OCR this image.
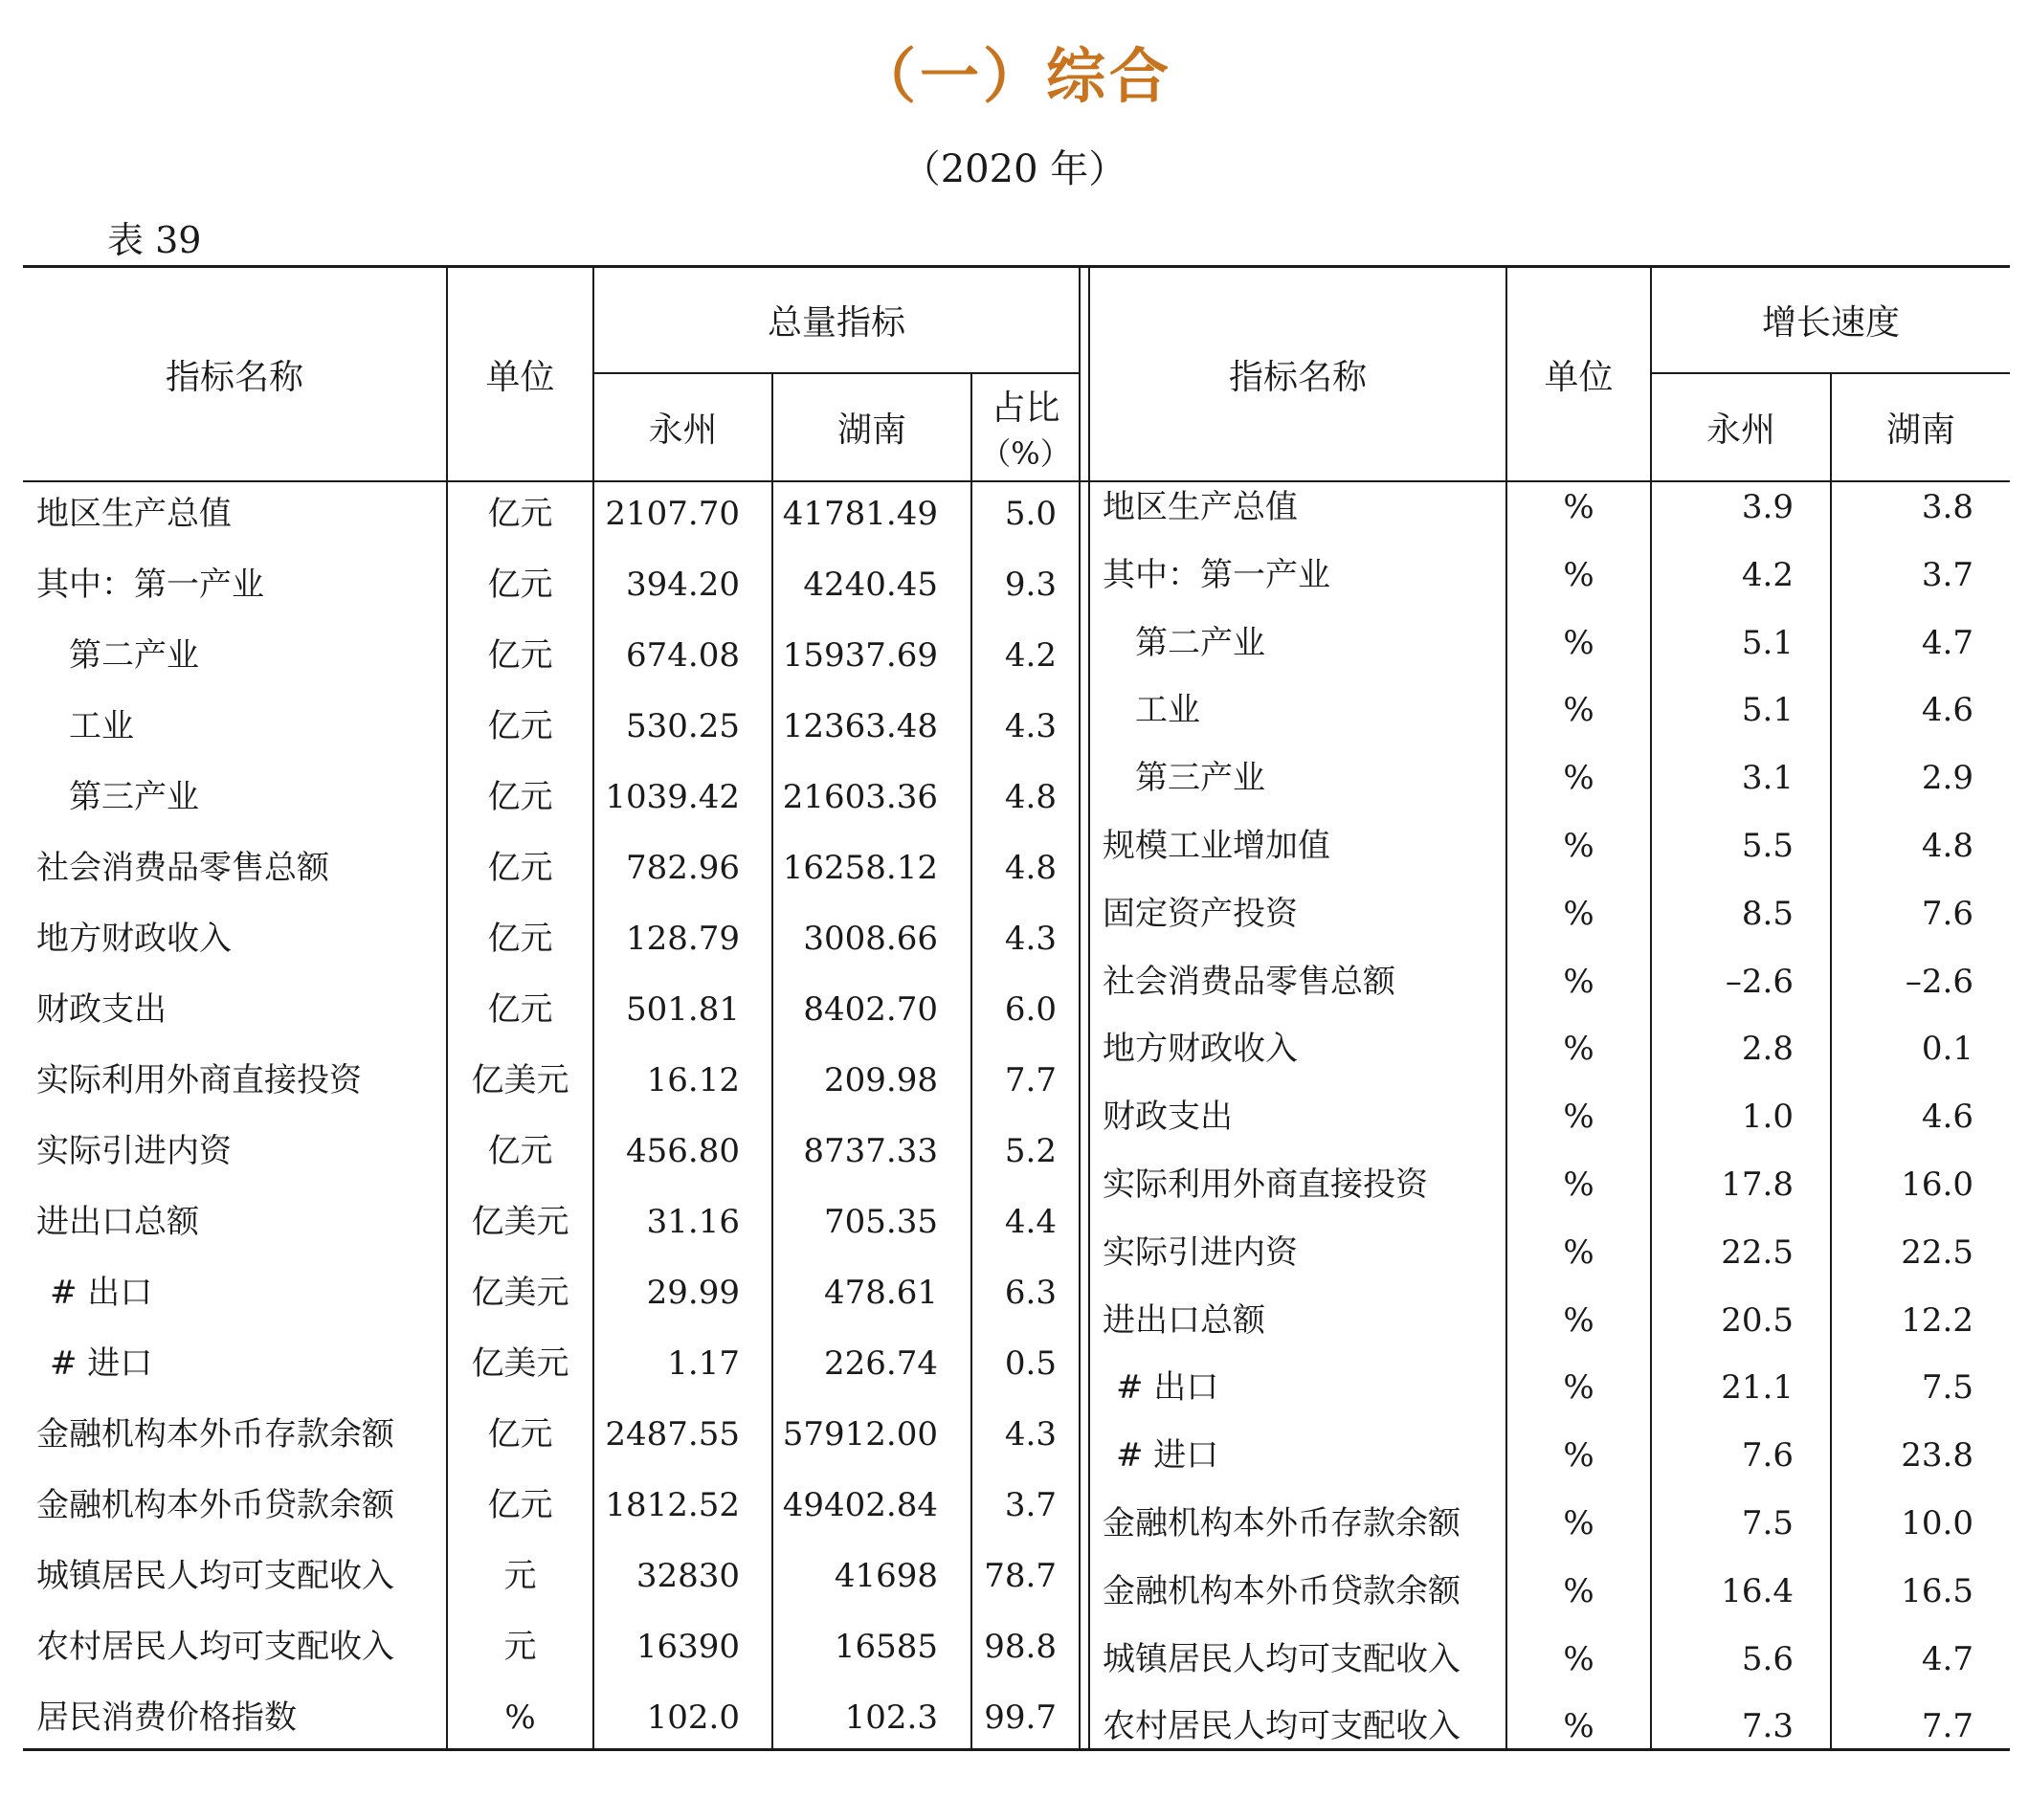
（一）综合
（2020 年）
表 39
指标名称	单位
总量指标
永州	湖南
占比
（%）
指标名称	单位
增长速度
永州	湖南
地区生产总值	亿元	2107.70 41781.49	5.0
其中：第一产业	亿元	394.20	4240.45	9.3
第二产业	亿元	674.08 15937.69	4.2
工业	亿元	530.25 12363.48	4.3
第三产业	亿元	1039.42 21603.36	4.8
社会消费品零售总额	亿元	782.96 16258.12	4.8
地方财政收入	亿元	128.79	3008.66	4.3
财政支出	亿元	501.81	8402.70	6.0
实际利用外商直接投资	亿美元	16.12	209.98	7.7
实际引进内资	亿元	456.80	8737.33	5.2
进出口总额	亿美元	31.16	705.35	4.4
# 出口	亿美元	29.99	478.61	6.3
# 进口	亿美元	1.17	226.74	0.5
金融机构本外币存款余额	亿元	2487.55 57912.00	4.3
金融机构本外币贷款余额	亿元	1812.52 49402.84	3.7
城镇居民人均可支配收入	元	32830	41698	78.7
农村居民人均可支配收入	元	16390	16585	98.8
居民消费价格指数	%	102.0	102.3	99.7
地区生产总值	%	3.9	3.8
其中：第一产业	%	4.2	3.7
第二产业	%	5.1	4.7
工业	%	5.1	4.6
第三产业	%	3.1	2.9
规模工业增加值	%	5.5	4.8
固定资产投资	%	8.5	7.6
社会消费品零售总额	%	–2.6	–2.6
地方财政收入	%	2.8	0.1
财政支出	%	1.0	4.6
实际利用外商直接投资	%	17.8	16.0
实际引进内资	%	22.5	22.5
进出口总额	%	20.5	12.2
# 出口	%	21.1	7.5
# 进口	%	7.6	23.8
金融机构本外币存款余额	%	7.5	10.0
金融机构本外币贷款余额	%	16.4	16.5
城镇居民人均可支配收入	%	5.6	4.7
农村居民人均可支配收入	%	7.3	7.7
